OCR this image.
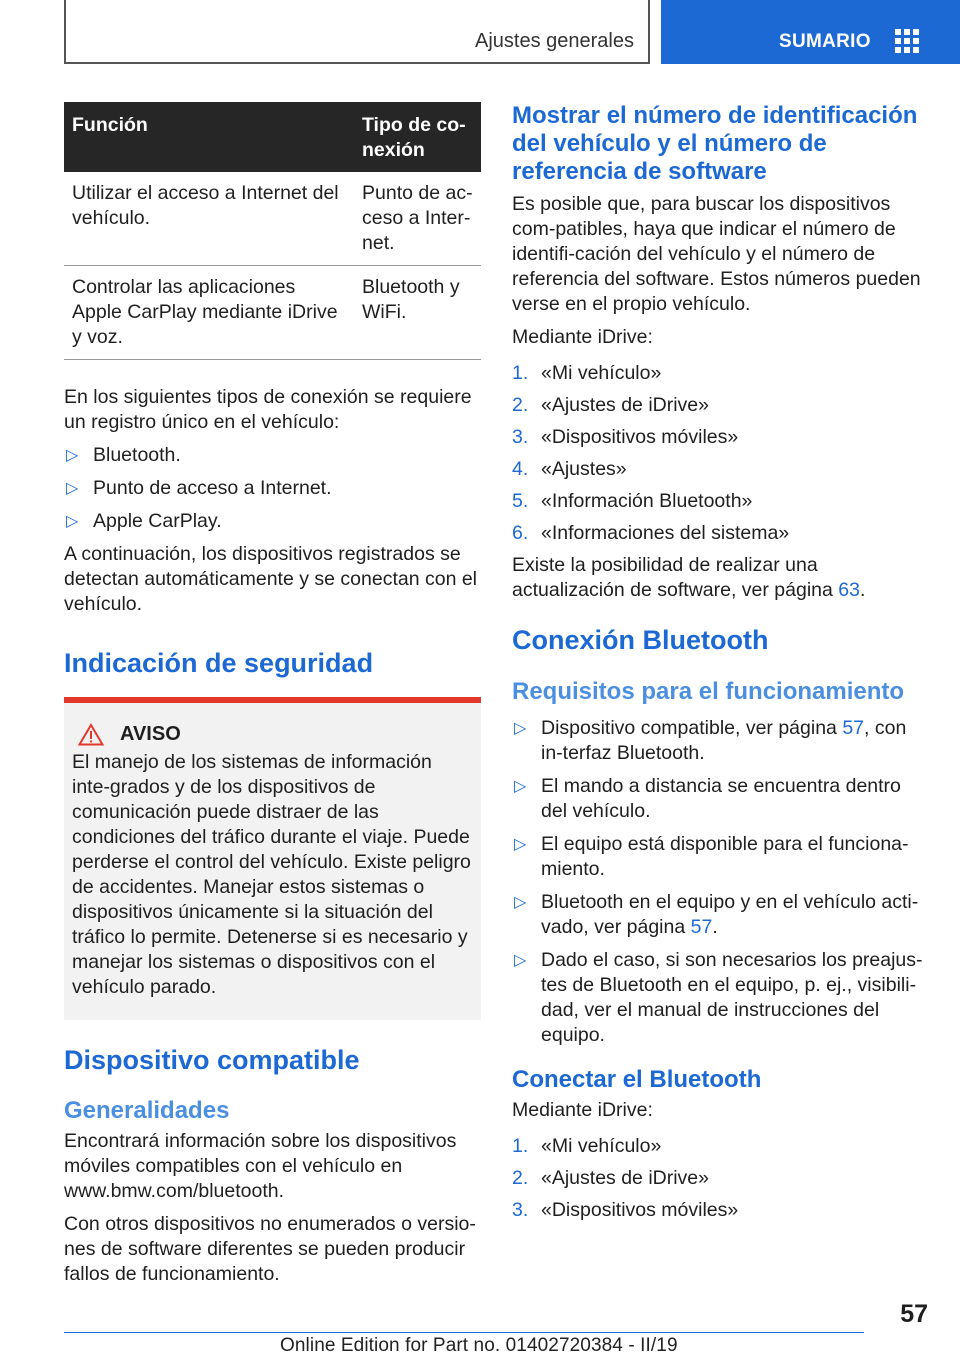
Ajustes generales	SUMARIO
Función	Tipo de co-
nexión
Utilizar el acceso a Internet del vehículo.	Punto de ac-
ceso a Inter-
net.
Controlar las aplicaciones Apple CarPlay mediante iDrive y voz.	Bluetooth y WiFi.

En los siguientes tipos de conexión se requiere un registro único en el vehículo:

▷ Bluetooth.
▷ Punto de acceso a Internet.
▷ Apple CarPlay.

A continuación, los dispositivos registrados se detectan automáticamente y se conectan con el vehículo.

Indicación de seguridad
AVISO

El manejo de los sistemas de información inte-grados y de los dispositivos de comunicación puede distraer de las condiciones del tráfico durante el viaje. Puede perderse el control del vehículo. Existe peligro de accidentes. Manejar estos sistemas o dispositivos únicamente si la situación del tráfico lo permite. Detenerse si es necesario y manejar los sistemas o dispositivos con el vehículo parado.

Dispositivo compatible
Generalidades

Encontrará información sobre los dispositivos móviles compatibles con el vehículo en www.bmw.com/bluetooth.

Con otros dispositivos no enumerados o versio-nes de software diferentes se pueden producir fallos de funcionamiento.

Mostrar el número de identificación del vehículo y el número de referencia de software

Es posible que, para buscar los dispositivos com-patibles, haya que indicar el número de identifi-cación del vehículo y el número de referencia del software. Estos números pueden verse en el propio vehículo.

Mediante iDrive:

1. «Mi vehículo»
2. «Ajustes de iDrive»
3. «Dispositivos móviles»
4. «Ajustes»
5. «Información Bluetooth»
6. «Informaciones del sistema»

Existe la posibilidad de realizar una actualización de software, ver página 63.

Conexión Bluetooth
Requisitos para el funcionamiento
▷ Dispositivo compatible, ver página 57, con in-terfaz Bluetooth.
▷ El mando a distancia se encuentra dentro del vehículo.
▷ El equipo está disponible para el funciona-miento.
▷ Bluetooth en el equipo y en el vehículo acti-vado, ver página 57.
▷ Dado el caso, si son necesarios los preajus-tes de Bluetooth en el equipo, p. ej., visibili-dad, ver el manual de instrucciones del equipo.
Conectar el Bluetooth

Mediante iDrive:

1. «Mi vehículo»
2. «Ajustes de iDrive»
3. «Dispositivos móviles»
57
Online Edition for Part no. 01402720384 - II/19
